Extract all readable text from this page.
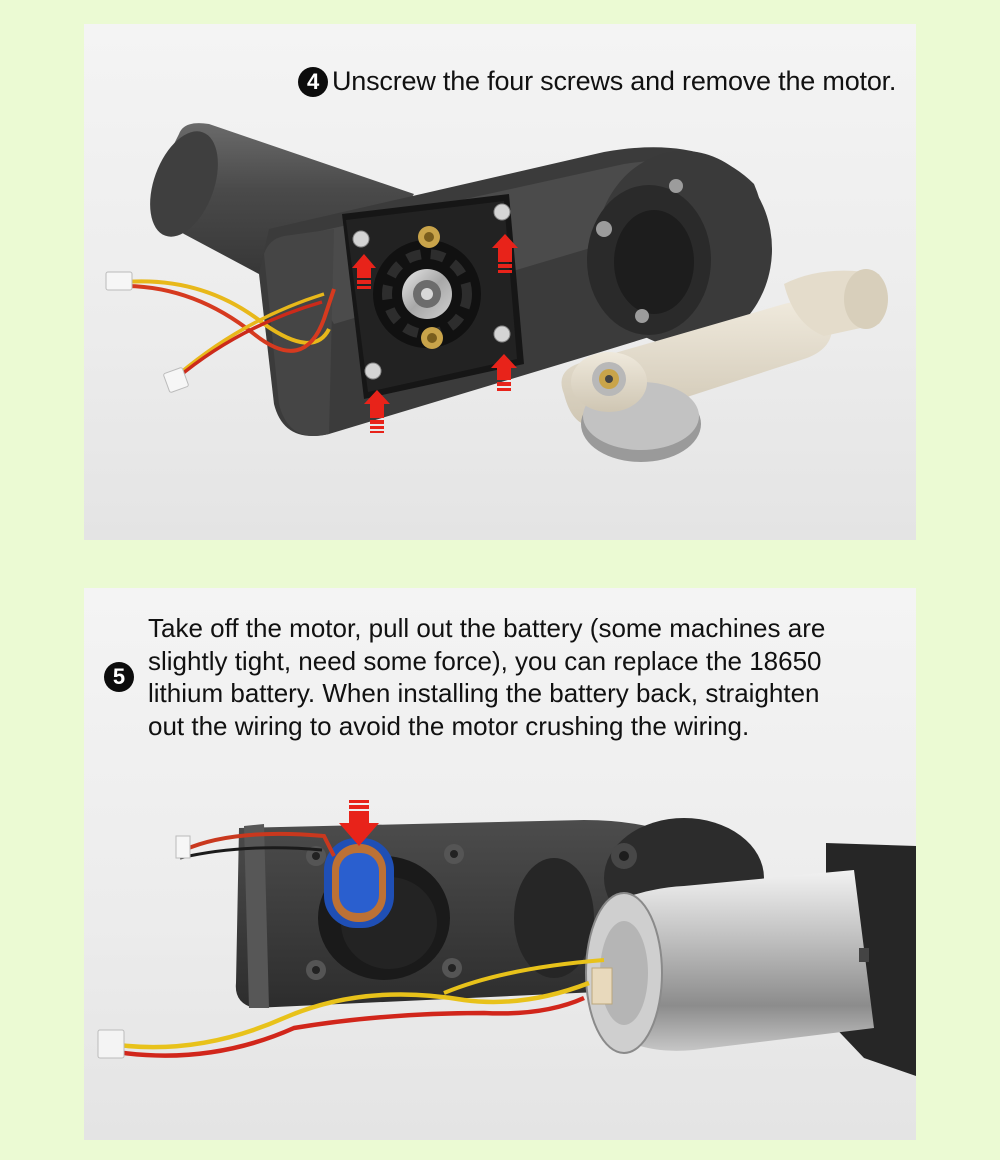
4 Unscrew the four screws and remove the motor.
5
Take off the motor, pull out the battery (some machines are
slightly tight, need some force), you can replace the 18650
lithium battery. When installing the battery back, straighten
out the wiring to avoid the motor crushing the wiring.
